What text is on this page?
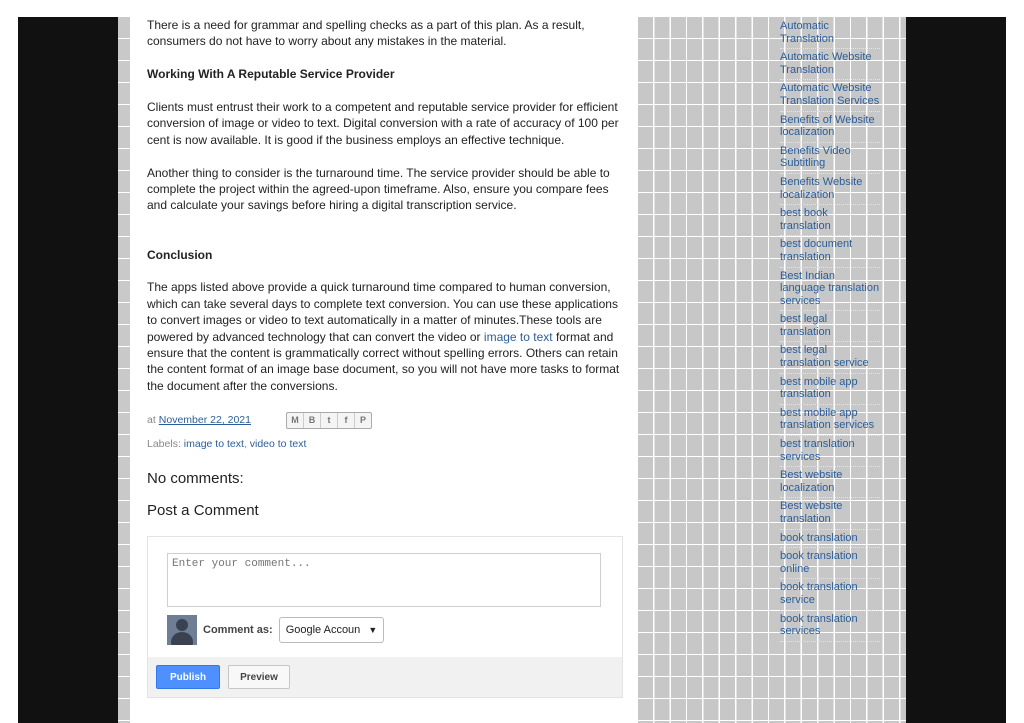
There is a need for grammar and spelling checks as a part of this plan. As a result, consumers do not have to worry about any mistakes in the material.

Working With A Reputable Service Provider

Clients must entrust their work to a competent and reputable service provider for efficient conversion of image or video to text. Digital conversion with a rate of accuracy of 100 per cent is now available. It is good if the business employs an effective technique.

Another thing to consider is the turnaround time. The service provider should be able to complete the project within the agreed-upon timeframe. Also, ensure you compare fees and calculate your savings before hiring a digital transcription service.

Conclusion

The apps listed above provide a quick turnaround time compared to human conversion, which can take several days to complete text conversion. You can use these applications to convert images or video to text automatically in a matter of minutes.These tools are powered by advanced technology that can convert the video or image to text format and ensure that the content is grammatically correct without spelling errors. Others can retain the content format of an image base document, so you will not have more tasks to format the document after the conversions.

at November 22, 2021	M	B	t	f	P
Labels:
image to text ,
video to text
No comments:
Post a Comment
Enter your comment...
Comment as: Google Accoun ▼
Publish	Preview
Automatic Translation
Automatic Website Translation
Automatic Website Translation Services
Benefits of Website localization
Benefits Video Subtitling
Benefits Website localization
best book translation
best document translation
Best Indian language translation services
best legal translation
best legal translation service
best mobile app translation
best mobile app translation services
best translation services
Best website localization
Best website translation
book translation
book translation online
book translation service
book translation services
